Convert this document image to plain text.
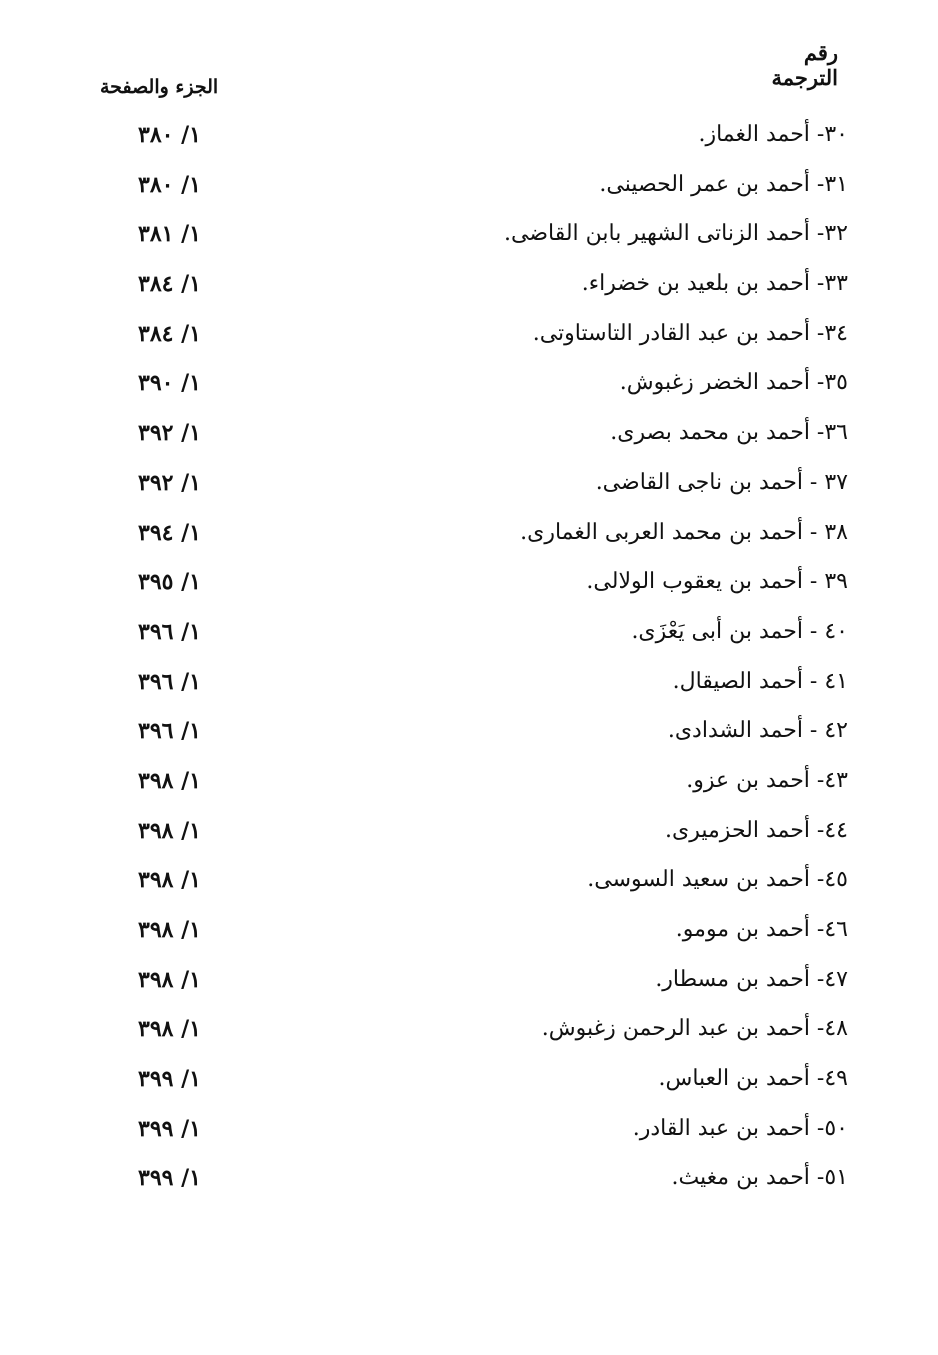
رقم
الترجمة
الجزء والصفحة
٣٠- أحمد الغماز.
١/ ٣٨٠
٣١- أحمد بن عمر الحصينى.
١/ ٣٨٠
٣٢- أحمد الزناتى الشهير بابن القاضى.
١/ ٣٨١
٣٣- أحمد بن بلعيد بن خضراء.
١/ ٣٨٤
٣٤- أحمد بن عبد القادر التاستاوتى.
١/ ٣٨٤
٣٥- أحمد الخضر زغبوش.
١/ ٣٩٠
٣٦- أحمد بن محمد بصرى.
١/ ٣٩٢
٣٧ - أحمد بن ناجى القاضى.
١/ ٣٩٢
٣٨ - أحمد بن محمد العربى الغمارى.
١/ ٣٩٤
٣٩ - أحمد بن يعقوب الولالى.
١/ ٣٩٥
٤٠ - أحمد بن أبى يَعْزَى.
١/ ٣٩٦
٤١ - أحمد الصيقال.
١/ ٣٩٦
٤٢ - أحمد الشدادى.
١/ ٣٩٦
٤٣- أحمد بن عزو.
١/ ٣٩٨
٤٤- أحمد الحزميرى.
١/ ٣٩٨
٤٥- أحمد بن سعيد السوسى.
١/ ٣٩٨
٤٦- أحمد بن مومو.
١/ ٣٩٨
٤٧- أحمد بن مسطار.
١/ ٣٩٨
٤٨- أحمد بن عبد الرحمن زغبوش.
١/ ٣٩٨
٤٩- أحمد بن العباس.
١/ ٣٩٩
٥٠- أحمد بن عبد القادر.
١/ ٣٩٩
٥١- أحمد بن مغيث.
١/ ٣٩٩
